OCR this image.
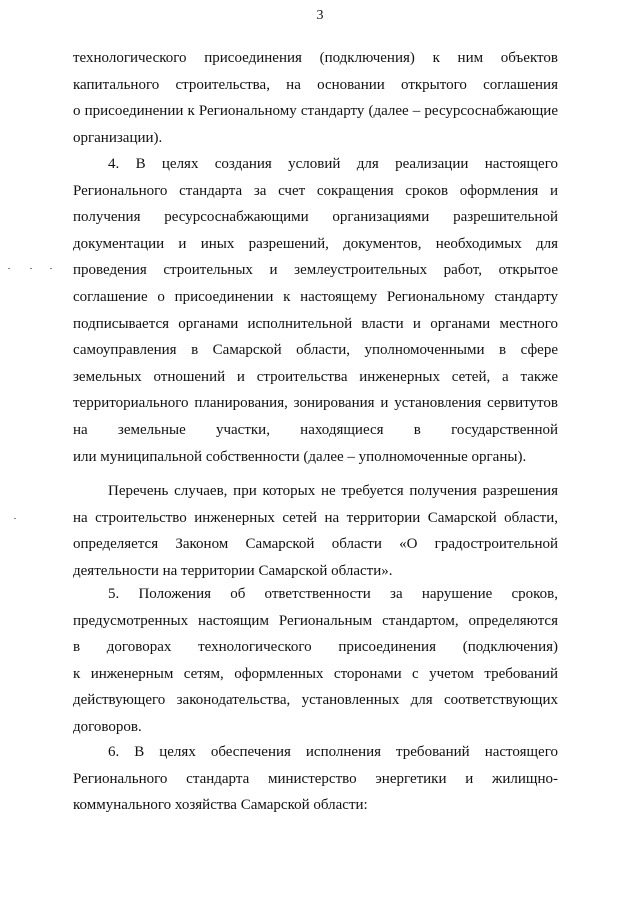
3
технологического присоединения (подключения) к ним объектов
капитального строительства, на основании открытого соглашения
о присоединении к Региональному стандарту (далее – ресурсоснабжающие
организации).
4. В целях создания условий для реализации настоящего
Регионального стандарта за счет сокращения сроков оформления и
получения ресурсоснабжающими организациями разрешительной
документации и иных разрешений, документов, необходимых для
проведения строительных и землеустроительных работ, открытое
соглашение о присоединении к настоящему Региональному стандарту
подписывается органами исполнительной власти и органами местного
самоуправления в Самарской области, уполномоченными в сфере
земельных отношений и строительства инженерных сетей, а также
территориального планирования, зонирования и установления сервитутов
на земельные участки, находящиеся в государственной
или муниципальной собственности (далее – уполномоченные органы).
Перечень случаев, при которых не требуется получения разрешения
на строительство инженерных сетей на территории Самарской области,
определяется Законом Самарской области «О градостроительной
деятельности на территории Самарской области».
5. Положения об ответственности за нарушение сроков,
предусмотренных настоящим Региональным стандартом, определяются
в договорах технологического присоединения (подключения)
к инженерным сетям, оформленных сторонами с учетом требований
действующего законодательства, установленных для соответствующих
договоров.
6. В целях обеспечения исполнения требований настоящего
Регионального стандарта министерство энергетики и жилищно-
коммунального хозяйства Самарской области:
